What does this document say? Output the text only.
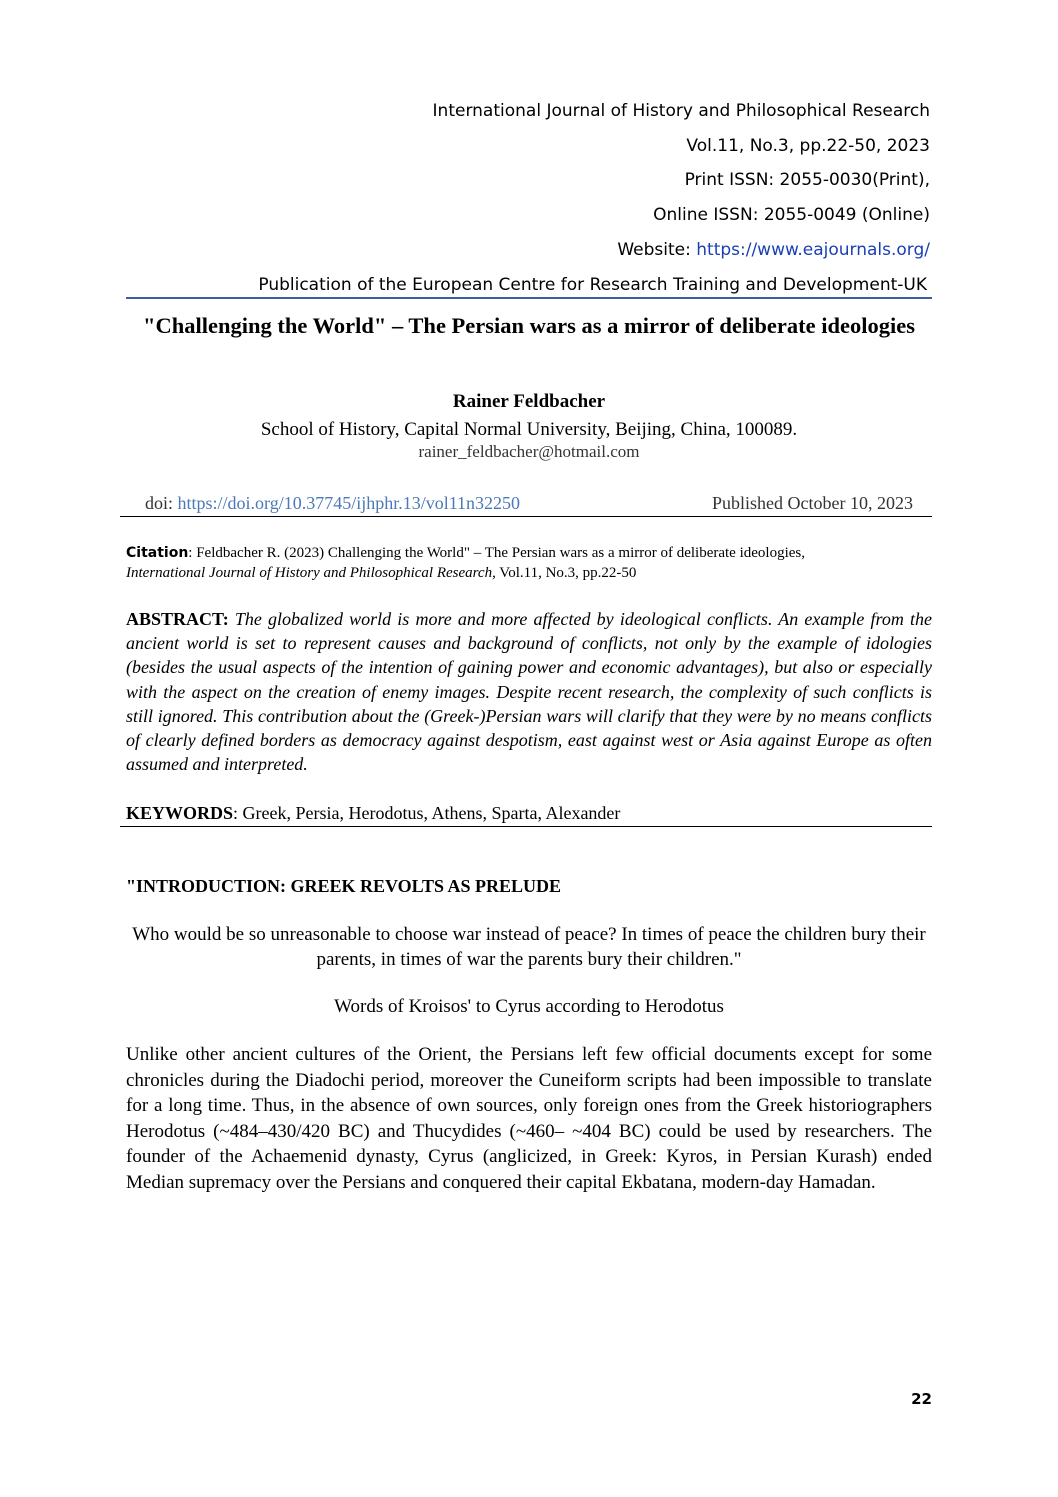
International Journal of History and Philosophical Research
Vol.11, No.3, pp.22-50, 2023
Print ISSN: 2055-0030(Print),
Online ISSN: 2055-0049 (Online)
Website: https://www.eajournals.org/
Publication of the European Centre for Research Training and Development-UK
"Challenging the World" – The Persian wars as a mirror of deliberate ideologies
Rainer Feldbacher
School of History, Capital Normal University, Beijing, China, 100089.
rainer_feldbacher@hotmail.com
doi: https://doi.org/10.37745/ijhphr.13/vol11n32250	Published October 10, 2023
Citation: Feldbacher R. (2023) Challenging the World" – The Persian wars as a mirror of deliberate ideologies,
International Journal of History and Philosophical Research, Vol.11, No.3, pp.22-50
ABSTRACT: The globalized world is more and more affected by ideological conflicts. An example from the ancient world is set to represent causes and background of conflicts, not only by the example of idologies (besides the usual aspects of the intention of gaining power and economic advantages), but also or especially with the aspect on the creation of enemy images. Despite recent research, the complexity of such conflicts is still ignored. This contribution about the (Greek-)Persian wars will clarify that they were by no means conflicts of clearly defined borders as democracy against despotism, east against west or Asia against Europe as often assumed and interpreted.
KEYWORDS: Greek, Persia, Herodotus, Athens, Sparta, Alexander
"INTRODUCTION: GREEK REVOLTS AS PRELUDE
Who would be so unreasonable to choose war instead of peace? In times of peace the children bury their parents, in times of war the parents bury their children."
Words of Kroisos' to Cyrus according to Herodotus
Unlike other ancient cultures of the Orient, the Persians left few official documents except for some chronicles during the Diadochi period, moreover the Cuneiform scripts had been impossible to translate for a long time. Thus, in the absence of own sources, only foreign ones from the Greek historiographers Herodotus (~484–430/420 BC) and Thucydides (~460– ~404 BC) could be used by researchers. The founder of the Achaemenid dynasty, Cyrus (anglicized, in Greek: Kyros, in Persian Kurash) ended Median supremacy over the Persians and conquered their capital Ekbatana, modern-day Hamadan.
22
